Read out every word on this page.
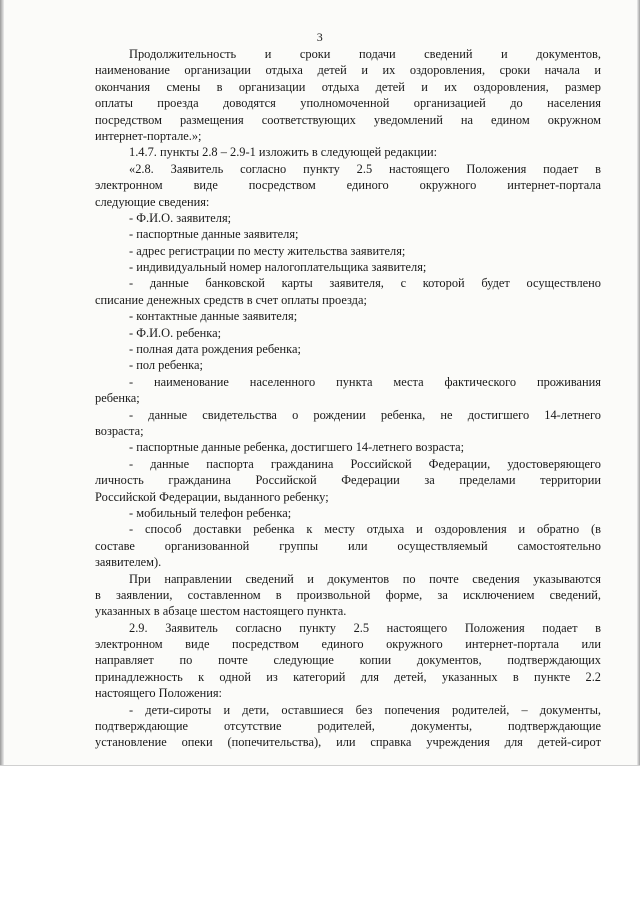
3
Продолжительность и сроки подачи сведений и документов,
наименование организации отдыха детей и их оздоровления, сроки начала и
окончания смены в организации отдыха детей и их оздоровления, размер
оплаты проезда доводятся уполномоченной организацией до населения
посредством размещения соответствующих уведомлений на едином окружном
интернет-портале.»;
1.4.7. пункты 2.8 – 2.9-1 изложить в следующей редакции:
«2.8. Заявитель согласно пункту 2.5 настоящего Положения подает в
электронном виде посредством единого окружного интернет-портала
следующие сведения:
- Ф.И.О. заявителя;
- паспортные данные заявителя;
- адрес регистрации по месту жительства заявителя;
- индивидуальный номер налогоплательщика заявителя;
- данные банковской карты заявителя, с которой будет осуществлено
списание денежных средств в счет оплаты проезда;
- контактные данные заявителя;
- Ф.И.О. ребенка;
- полная дата рождения ребенка;
- пол ребенка;
- наименование населенного пункта места фактического проживания
ребенка;
- данные свидетельства о рождении ребенка, не достигшего 14-летнего
возраста;
- паспортные данные ребенка, достигшего 14-летнего возраста;
- данные паспорта гражданина Российской Федерации, удостоверяющего
личность гражданина Российской Федерации за пределами территории
Российской Федерации, выданного ребенку;
- мобильный телефон ребенка;
- способ доставки ребенка к месту отдыха и оздоровления и обратно (в
составе организованной группы или осуществляемый самостоятельно
заявителем).
При направлении сведений и документов по почте сведения указываются
в заявлении, составленном в произвольной форме, за исключением сведений,
указанных в абзаце шестом настоящего пункта.
2.9. Заявитель согласно пункту 2.5 настоящего Положения подает в
электронном виде посредством единого окружного интернет-портала или
направляет по почте следующие копии документов, подтверждающих
принадлежность к одной из категорий для детей, указанных в пункте 2.2
настоящего Положения:
- дети-сироты и дети, оставшиеся без попечения родителей, – документы,
подтверждающие отсутствие родителей, документы, подтверждающие
установление опеки (попечительства), или справка учреждения для детей-сирот
